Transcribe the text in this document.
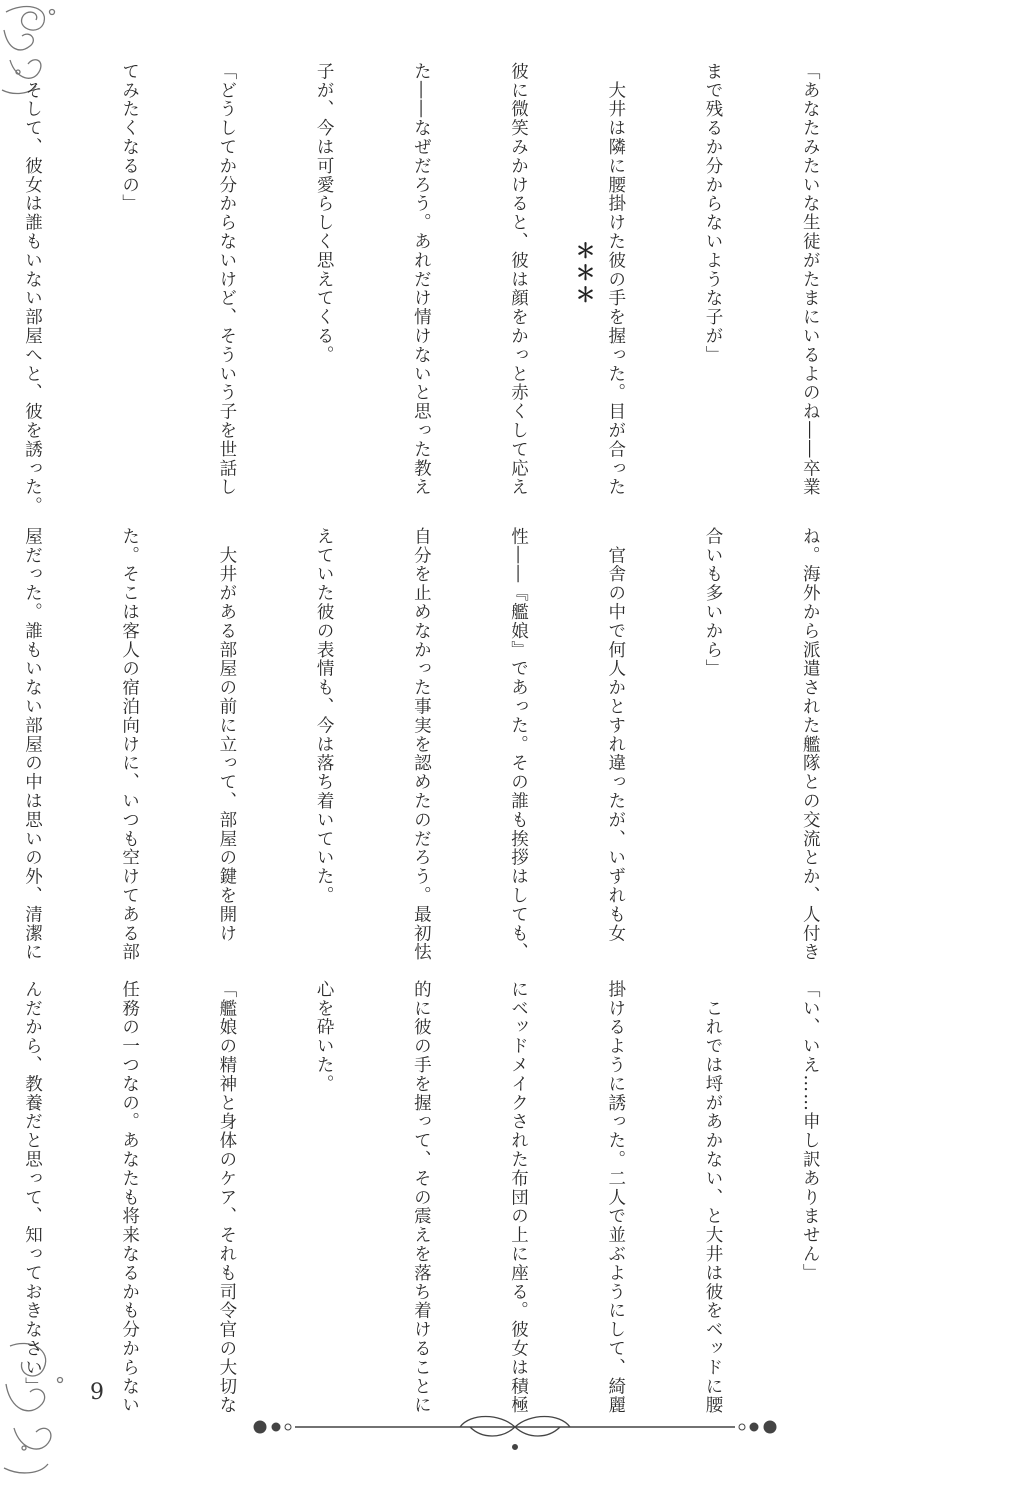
＊＊＊

	「あなたみたいな生徒がたまにいるよのね――卒業

まで残るか分からないような子が」

　大井は隣に腰掛けた彼の手を握った。目が合った

彼に微笑みかけると、彼は顔をかっと赤くして応え

た――なぜだろう。あれだけ情けないと思った教え

子が、今は可愛らしく思えてくる。

「どうしてか分からないけど、そういう子を世話し

てみたくなるの」

　そして、彼女は誰もいない部屋へと、彼を誘った。

ね。海外から派遣された艦隊との交流とか、人付き

合いも多いから」

　官舎の中で何人かとすれ違ったが、いずれも女

性――『艦娘』であった。その誰も挨拶はしても、

自分を止めなかった事実を認めたのだろう。最初怯

えていた彼の表情も、今は落ち着いていた。

　大井がある部屋の前に立って、部屋の鍵を開け

た。そこは客人の宿泊向けに、いつも空けてある部

屋だった。誰もいない部屋の中は思いの外、清潔に

「い、いえ……申し訳ありません」

　これでは埒があかない、と大井は彼をベッドに腰

掛けるように誘った。二人で並ぶようにして、綺麗

にベッドメイクされた布団の上に座る。彼女は積極

的に彼の手を握って、その震えを落ち着けることに

心を砕いた。

「艦娘の精神と身体のケア、それも司令官の大切な

任務の一つなの。あなたも将来なるかも分からない

んだから、教養だと思って、知っておきなさい」

9
